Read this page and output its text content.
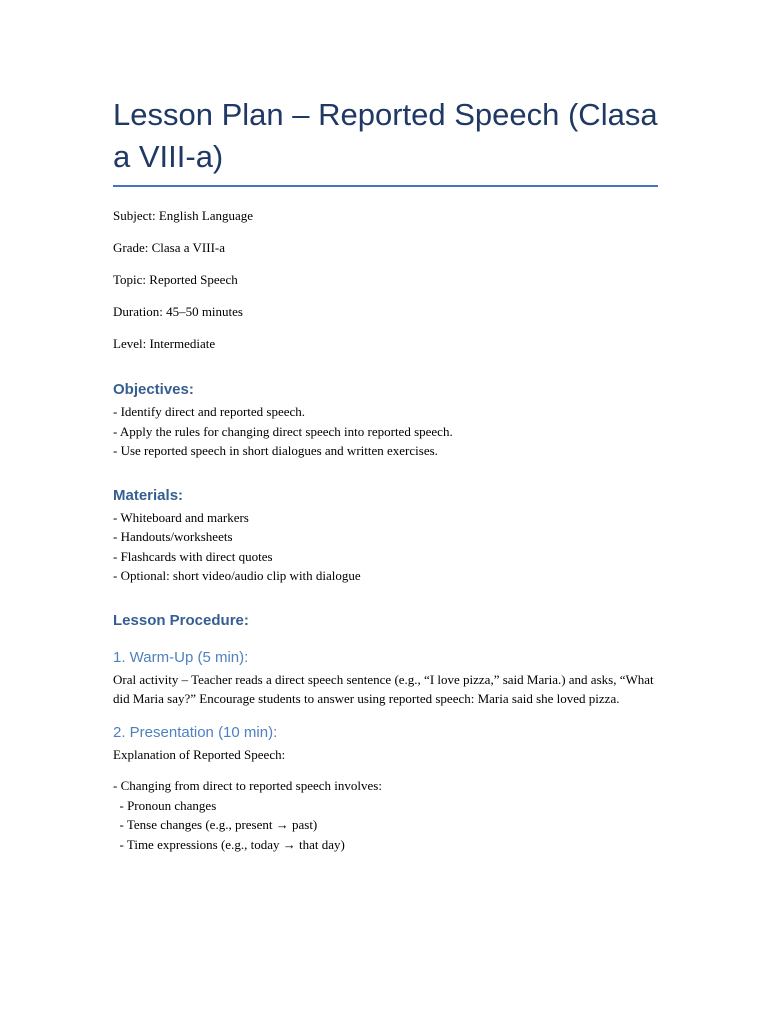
Lesson Plan – Reported Speech (Clasa a VIII-a)

Subject: English Language

Grade: Clasa a VIII-a

Topic: Reported Speech

Duration: 45–50 minutes

Level: Intermediate

Objectives:
- Identify direct and reported speech.
- Apply the rules for changing direct speech into reported speech.
- Use reported speech in short dialogues and written exercises.
Materials:
- Whiteboard and markers
- Handouts/worksheets
- Flashcards with direct quotes
- Optional: short video/audio clip with dialogue
Lesson Procedure:
1. Warm-Up (5 min):

Oral activity – Teacher reads a direct speech sentence (e.g., “I love pizza,” said Maria.) and asks, “What did Maria say?” Encourage students to answer using reported speech: Maria said she loved pizza.

2. Presentation (10 min):

Explanation of Reported Speech:

- Changing from direct to reported speech involves:
- Pronoun changes
- Tense changes (e.g., present → past)
- Time expressions (e.g., today → that day)
